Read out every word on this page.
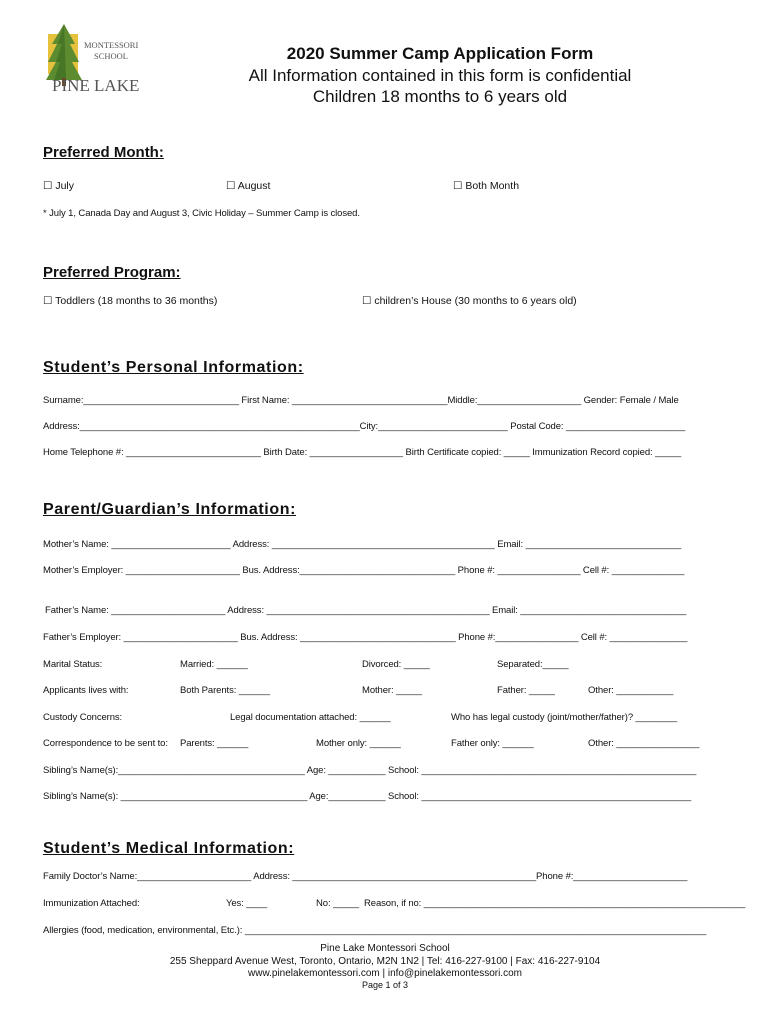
MONTESSORI
SCHOOL
PINE LAKE
2020 Summer Camp Application Form
All Information contained in this form is confidential
Children 18 months to 6 years old
Preferred Month:
☐ July	☐ August	☐ Both Month
* July 1, Canada Day and August 3, Civic Holiday – Summer Camp is closed.
Preferred Program:
☐ Toddlers (18 months to 36 months)	☐ children’s House (30 months to 6 years old)
Student’s Personal Information:
Surname:______________________________ First Name: ______________________________Middle:____________________ Gender: Female / Male
Address:______________________________________________________City:_________________________ Postal Code: _______________________
Home Telephone #: __________________________ Birth Date: __________________ Birth Certificate copied: _____ Immunization Record copied: _____
Parent/Guardian’s Information:
Mother’s Name: _______________________ Address: ___________________________________________ Email: ______________________________
Mother’s Employer: ______________________ Bus. Address:______________________________ Phone #: ________________ Cell #: ______________
Father’s Name: ______________________ Address: ___________________________________________ Email: ________________________________
Father’s Employer: ______________________ Bus. Address: ______________________________ Phone #:________________ Cell #: _______________
Marital Status:	Married: ______	Divorced: _____	Separated:_____
Applicants lives with:	Both Parents: ______	Mother: _____	Father: _____	Other: ___________
Custody Concerns:	Legal documentation attached: ______	Who has legal custody (joint/mother/father)? ________
Correspondence to be sent to: Parents: ______	Mother only: ______	Father only: ______	Other: ________________
Sibling’s Name(s):____________________________________ Age: ___________ School: _____________________________________________________
Sibling’s Name(s): ____________________________________ Age:___________ School: ____________________________________________________
Student’s Medical Information:
Family Doctor’s Name:______________________ Address: _______________________________________________Phone #:______________________
Immunization Attached:	Yes: ____	No: _____ Reason, if no: ______________________________________________________________
Allergies (food, medication, environmental, Etc.): _________________________________________________________________________________________
Pine Lake Montessori School
255 Sheppard Avenue West, Toronto, Ontario, M2N 1N2 | Tel: 416-227-9100 | Fax: 416-227-9104
www.pinelakemontessori.com | info@pinelakemontessori.com
Page 1 of 3
